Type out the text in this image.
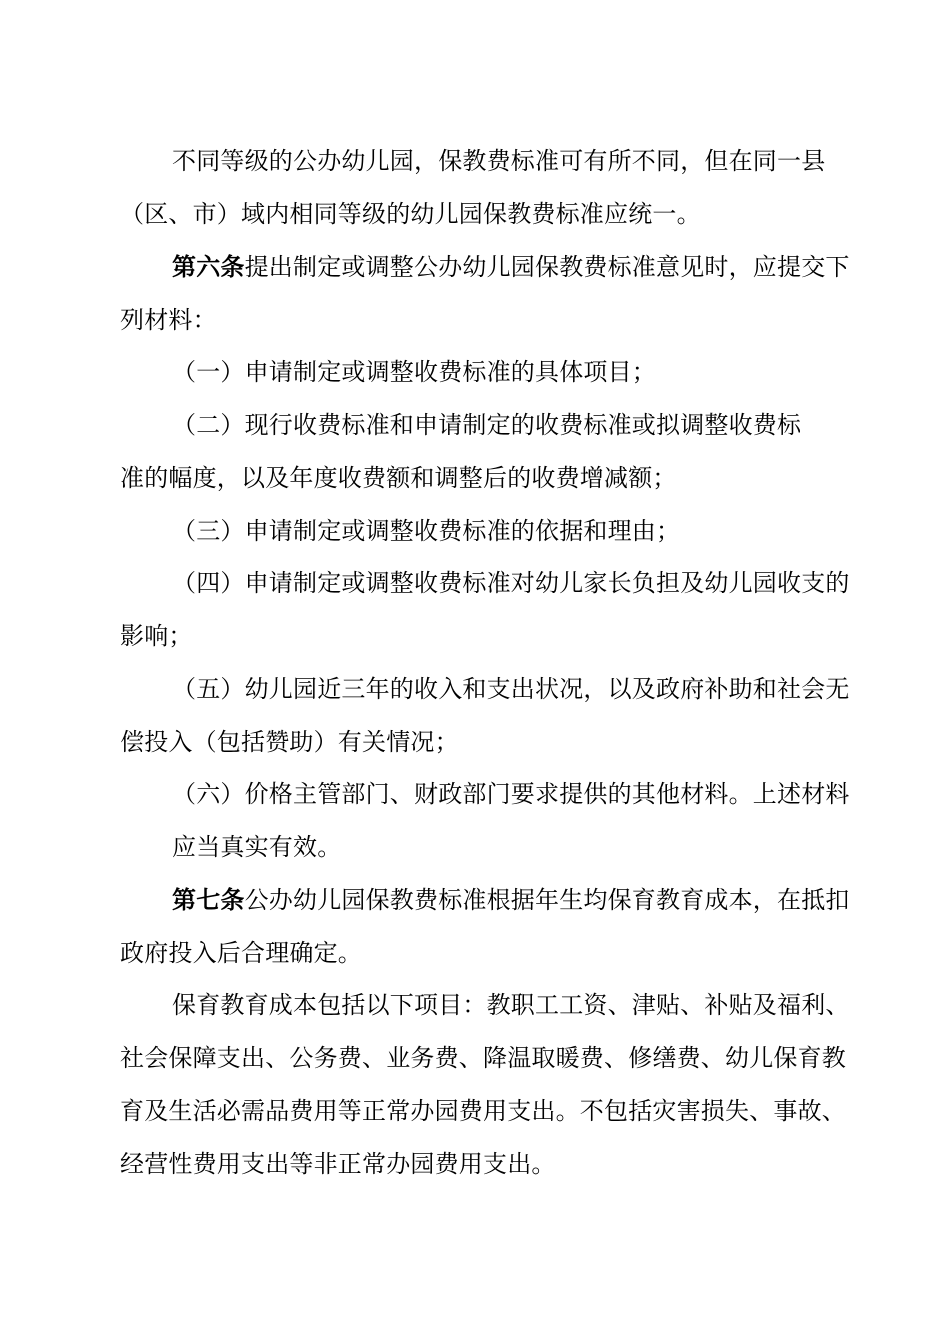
不同等级的公办幼儿园，保教费标准可有所不同，但在同一县
（区、市）域内相同等级的幼儿园保教费标准应统一。
第六条提出制定或调整公办幼儿园保教费标准意见时，应提交下
列材料：
（一）申请制定或调整收费标准的具体项目；
（二）现行收费标准和申请制定的收费标准或拟调整收费标
准的幅度，以及年度收费额和调整后的收费增减额；
（三）申请制定或调整收费标准的依据和理由；
（四）申请制定或调整收费标准对幼儿家长负担及幼儿园收支的
影响；
（五）幼儿园近三年的收入和支出状况，以及政府补助和社会无
偿投入（包括赞助）有关情况；
（六）价格主管部门、财政部门要求提供的其他材料。上述材料
应当真实有效。
第七条公办幼儿园保教费标准根据年生均保育教育成本，在抵扣
政府投入后合理确定。
保育教育成本包括以下项目：教职工工资、津贴、补贴及福利、
社会保障支出、公务费、业务费、降温取暖费、修缮费、幼儿保育教
育及生活必需品费用等正常办园费用支出。不包括灾害损失、事故、
经营性费用支出等非正常办园费用支出。
